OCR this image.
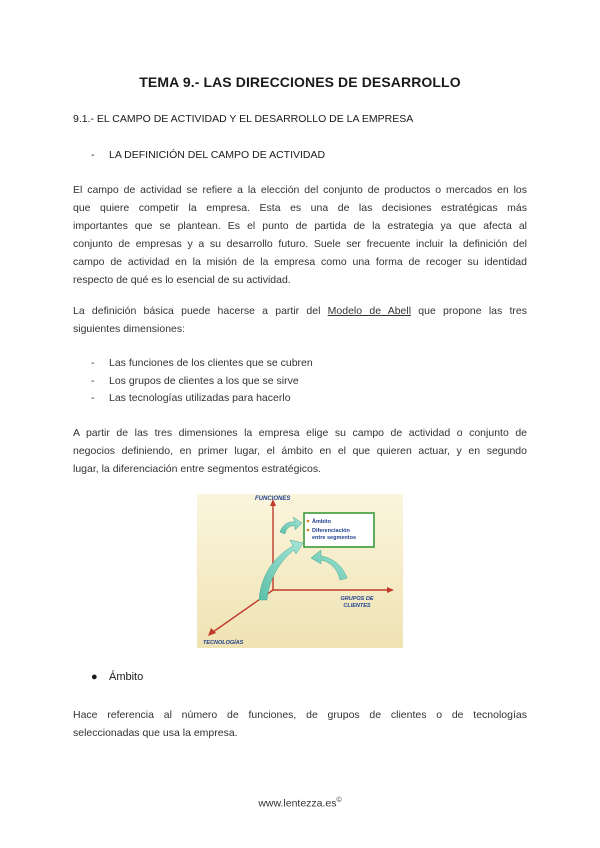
TEMA 9.- LAS DIRECCIONES DE DESARROLLO
9.1.- EL CAMPO DE ACTIVIDAD Y EL DESARROLLO DE LA EMPRESA
- LA DEFINICIÓN DEL CAMPO DE ACTIVIDAD
El campo de actividad se refiere a la elección del conjunto de productos o mercados en los
que quiere competir la empresa. Esta es una de las decisiones estratégicas más
importantes que se plantean. Es el punto de partida de la estrategia ya que afecta al
conjunto de empresas y a su desarrollo futuro. Suele ser frecuente incluir la definición del
campo de actividad en la misión de la empresa como una forma de recoger su identidad
respecto de qué es lo esencial de su actividad.
La definición básica puede hacerse a partir del Modelo de Abell que propone las tres
siguientes dimensiones:
-	Las funciones de los clientes que se cubren
-	Los grupos de clientes a los que se sirve
-	Las tecnologías utilizadas para hacerlo
A partir de las tres dimensiones la empresa elige su campo de actividad o conjunto de
negocios definiendo, en primer lugar, el ámbito en el que quieren actuar, y en segundo
lugar, la diferenciación entre segmentos estratégicos.
FUNCIONES
GRUPOS DE
CLIENTES
TECNOLOGÍAS
Ámbito
Diferenciación
entre segmentos
● Ámbito
Hace referencia al número de funciones, de grupos de clientes o de tecnologías
seleccionadas que usa la empresa.
www.lentezza.es©
